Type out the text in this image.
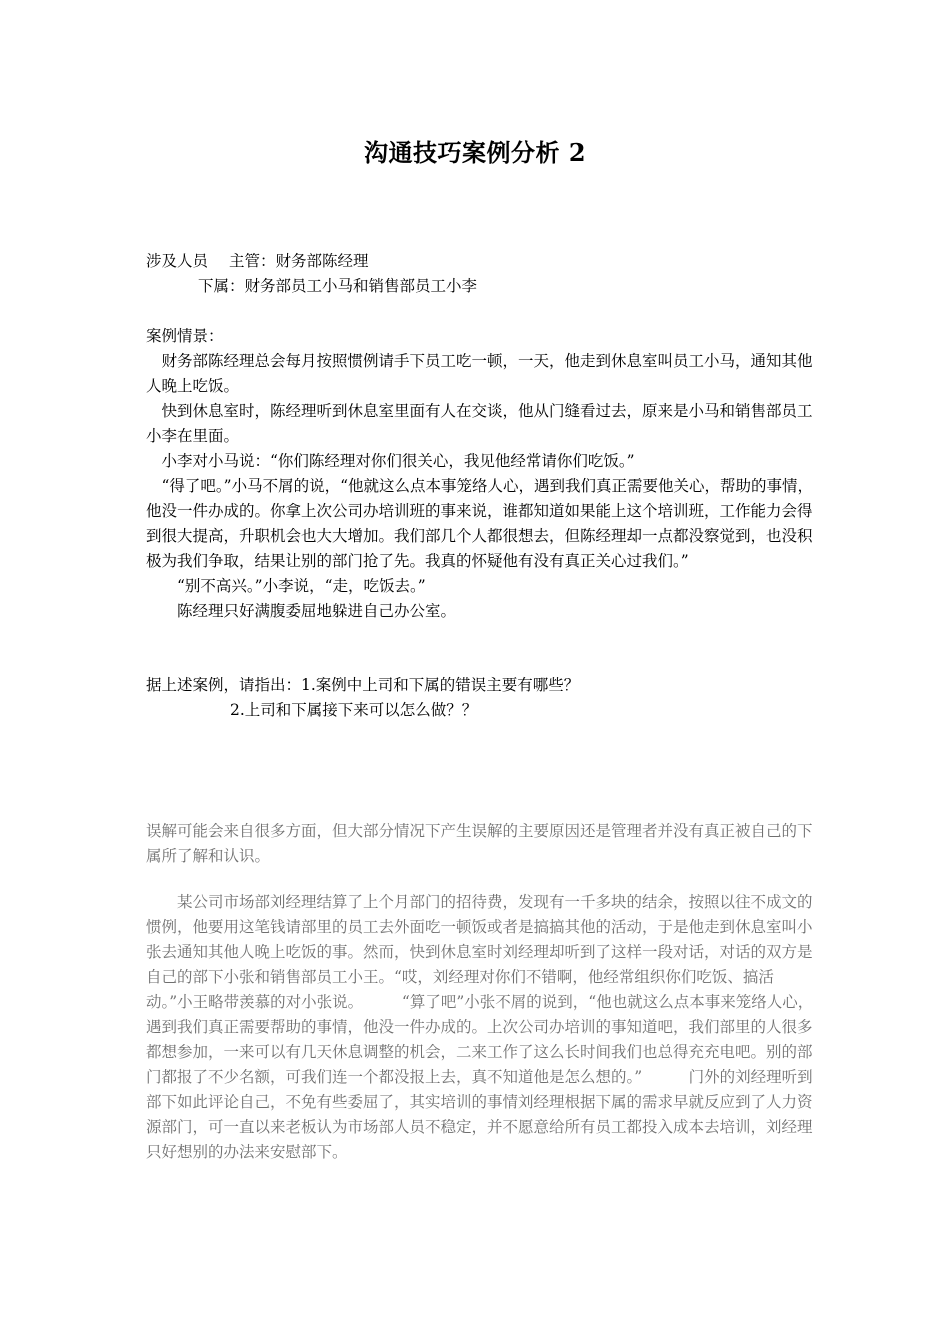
沟通技巧案例分析 2

涉及人员 主管：财务部陈经理

下属：财务部员工小马和销售部员工小李

案例情景：

财务部陈经理总会每月按照惯例请手下员工吃一顿，一天，他走到休息室叫员工小马，通知其他人晚上吃饭。

快到休息室时，陈经理听到休息室里面有人在交谈，他从门缝看过去，原来是小马和销售部员工小李在里面。

小李对小马说：“你们陈经理对你们很关心，我见他经常请你们吃饭。”

“得了吧。”小马不屑的说，“他就这么点本事笼络人心，遇到我们真正需要他关心，帮助的事情，他没一件办成的。你拿上次公司办培训班的事来说，谁都知道如果能上这个培训班，工作能力会得到很大提高，升职机会也大大增加。我们部几个人都很想去，但陈经理却一点都没察觉到，也没积极为我们争取，结果让别的部门抢了先。我真的怀疑他有没有真正关心过我们。”

“别不高兴。”小李说，“走，吃饭去。”

陈经理只好满腹委屈地躲进自己办公室。

据上述案例，请指出：1.案例中上司和下属的错误主要有哪些？

2.上司和下属接下来可以怎么做？？

误解可能会来自很多方面，但大部分情况下产生误解的主要原因还是管理者并没有真正被自己的下属所了解和认识。

某公司市场部刘经理结算了上个月部门的招待费，发现有一千多块的结余，按照以往不成文的惯例，他要用这笔钱请部里的员工去外面吃一顿饭或者是搞搞其他的活动，于是他走到休息室叫小张去通知其他人晚上吃饭的事。然而，快到休息室时刘经理却听到了这样一段对话，对话的双方是自己的部下小张和销售部员工小王。“哎，刘经理对你们不错啊，他经常组织你们吃饭、搞活动。”小王略带羡慕的对小张说。　　　“算了吧”小张不屑的说到，“他也就这么点本事来笼络人心，遇到我们真正需要帮助的事情，他没一件办成的。上次公司办培训的事知道吧，我们部里的人很多都想参加，一来可以有几天休息调整的机会，二来工作了这么长时间我们也总得充充电吧。别的部门都报了不少名额，可我们连一个都没报上去，真不知道他是怎么想的。”　　　门外的刘经理听到部下如此评论自己，不免有些委屈了，其实培训的事情刘经理根据下属的需求早就反应到了人力资源部门，可一直以来老板认为市场部人员不稳定，并不愿意给所有员工都投入成本去培训，刘经理只好想别的办法来安慰部下。
